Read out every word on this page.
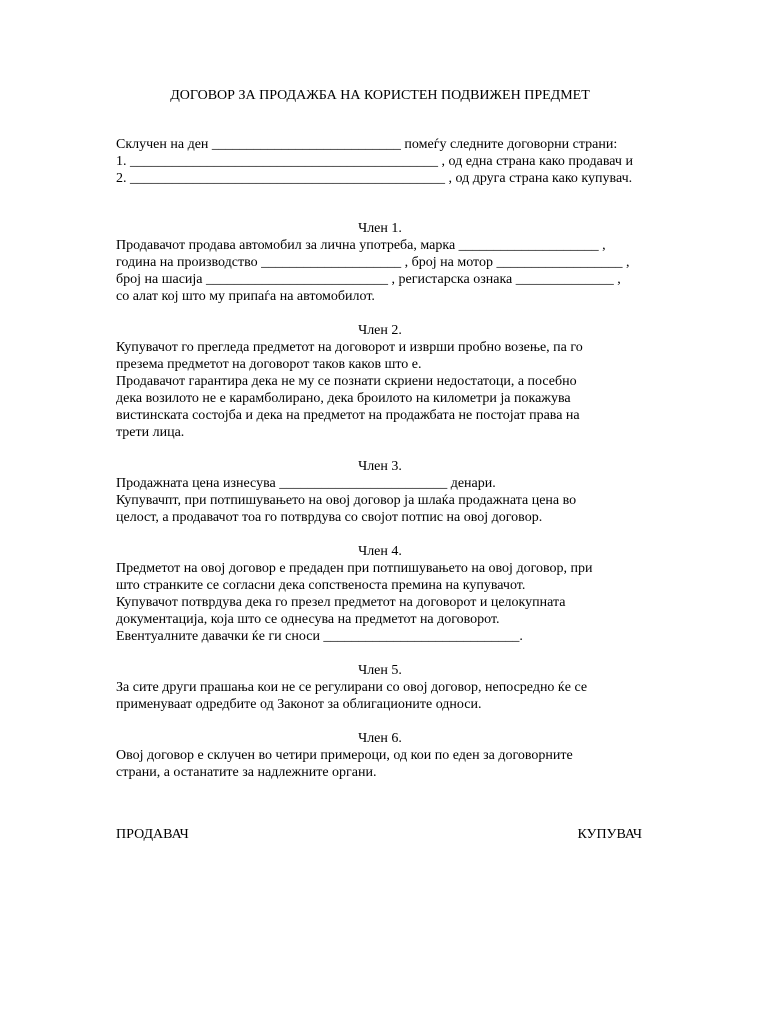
ДОГОВОР ЗА ПРОДАЖБА НА КОРИСТЕН ПОДВИЖЕН ПРЕДМЕТ
Склучен на ден ___________________________ помеѓу следните договорни страни:
1. ____________________________________________ , од една страна како продавач и
2. _____________________________________________ , од друга страна како купувач.
Член 1.
Продавачот продава автомобил за лична употреба, марка ____________________ ,
година на производство ____________________ , број на мотор __________________ ,
број на шасија __________________________ , регистарска ознака ______________ ,
со алат кој што му припаѓа на автомобилот.
Член 2.
Купувачот го прегледа предметот на договорот и изврши пробно возење, па го
презема предметот на договорот таков каков што е.
Продавачот гарантира дека не му се познати скриени недостатоци, а посебно
дека возилото не е карамболирано, дека броилото на километри ја покажува
вистинската состојба и дека на предметот на продажбата не постојат права на
трети лица.
Член 3.
Продажната цена изнесува ________________________ денари.
Купувачпт, при потпишувањето на овој договор ја шлаќа продажната цена во
целост, а продавачот тоа го потврдува со својот потпис на овој договор.
Член 4.
Предметот на овој договор е предаден при потпишувањето на овој договор, при
што странките се согласни дека сопственоста премина на купувачот.
Купувачот потврдува дека го презел предметот на договорот и целокупната
документација, која што се однесува на предметот на договорот.
Евентуалните давачки ќе ги сноси ____________________________.
Член 5.
За сите други прашања кои не се регулирани со овој договор, непосредно ќе се
применуваат одредбите од Законот за облигационите односи.
Член 6.
Овој договор е склучен во четири примероци, од кои по еден за договорните
страни, а останатите за надлежните органи.
ПРОДАВАЧ	КУПУВАЧ
